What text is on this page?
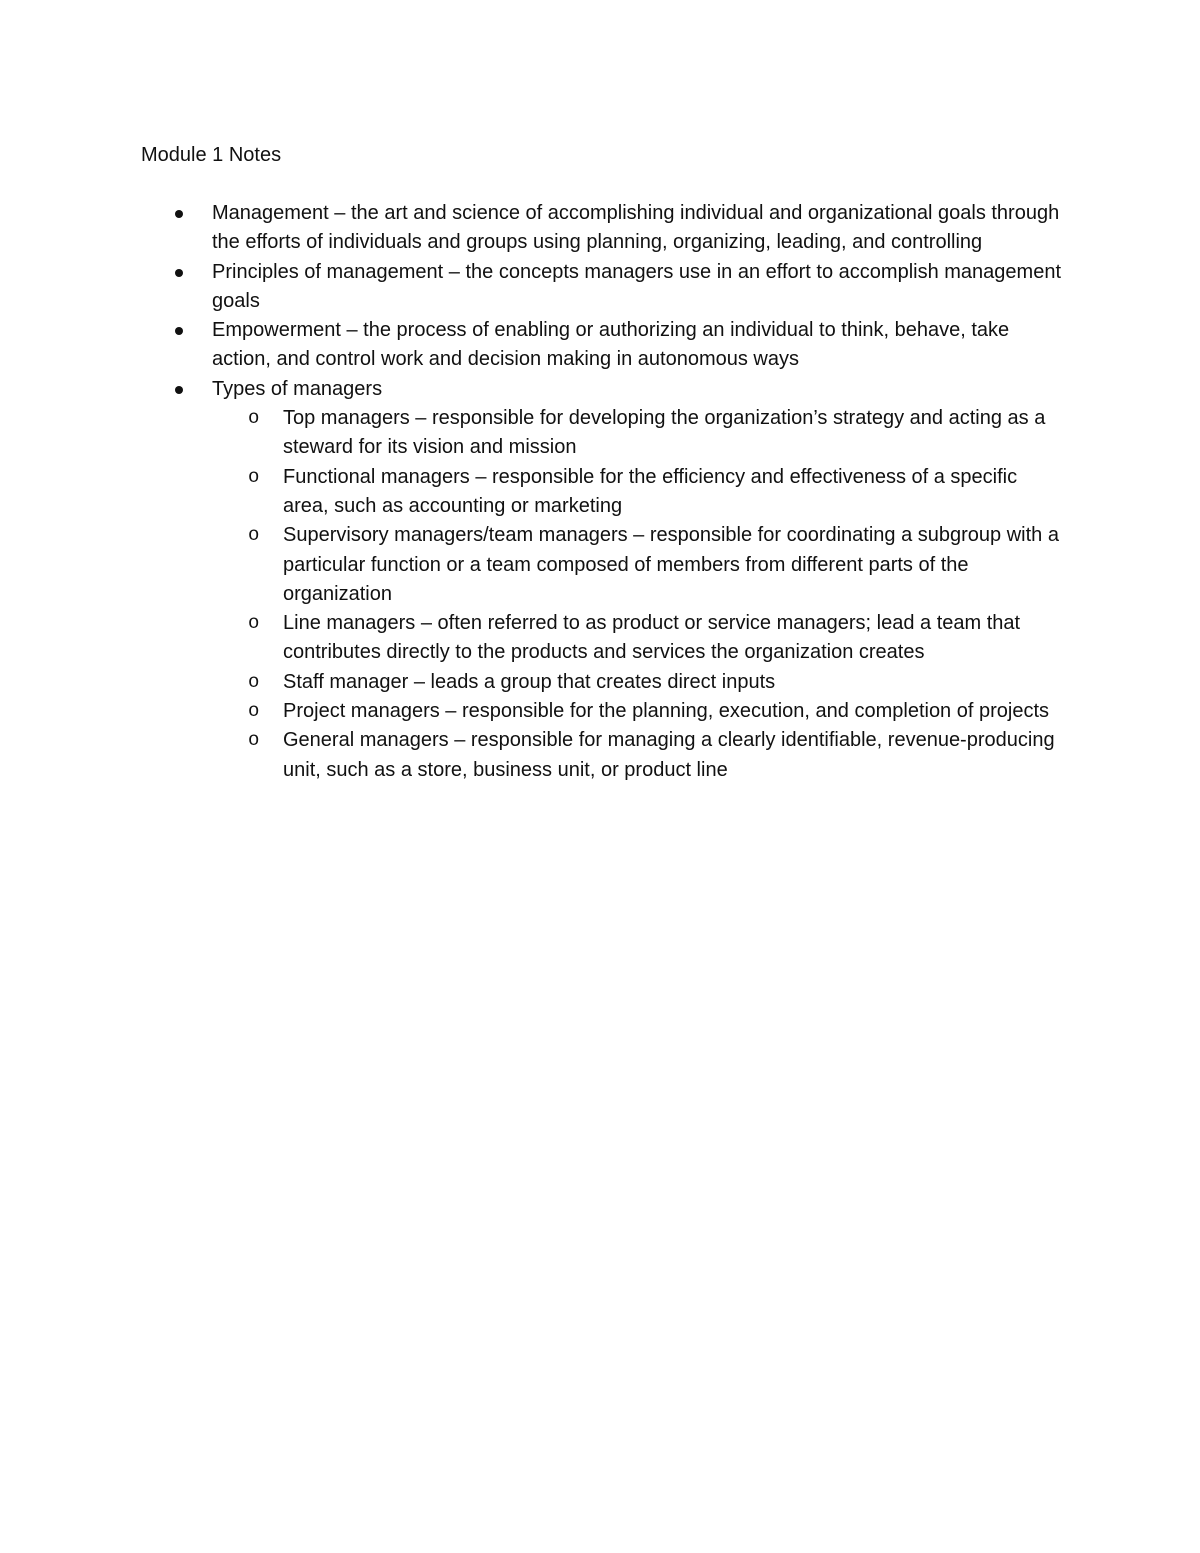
Module 1 Notes
Management – the art and science of accomplishing individual and organizational goals through the efforts of individuals and groups using planning, organizing, leading, and controlling
Principles of management – the concepts managers use in an effort to accomplish management goals
Empowerment – the process of enabling or authorizing an individual to think, behave, take action, and control work and decision making in autonomous ways
Types of managers
o Top managers – responsible for developing the organization’s strategy and acting as a steward for its vision and mission
o Functional managers – responsible for the efficiency and effectiveness of a specific area, such as accounting or marketing
o Supervisory managers/team managers – responsible for coordinating a subgroup with a particular function or a team composed of members from different parts of the organization
o Line managers – often referred to as product or service managers; lead a team that contributes directly to the products and services the organization creates
o Staff manager – leads a group that creates direct inputs
o Project managers – responsible for the planning, execution, and completion of projects
o General managers – responsible for managing a clearly identifiable, revenue-producing unit, such as a store, business unit, or product line
